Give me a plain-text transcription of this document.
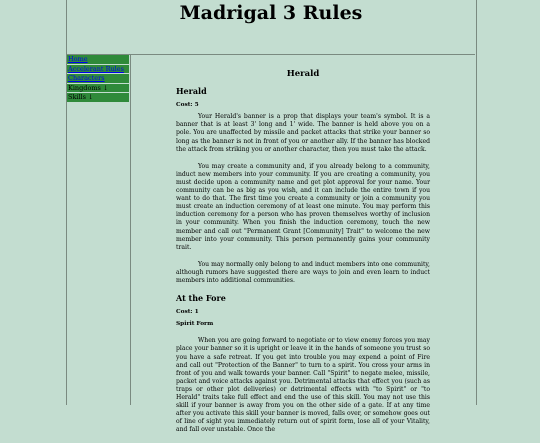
Madrigal 3 Rules
Home
Accelerant Rules
Characters
Kingdoms ↓
Skills ↓
Herald
Herald
Cost: 5

Your Herald's banner is a prop that displays your team's symbol. It is a banner that is at least 3' long and 1' wide. The banner is held above you on a pole. You are unaffected by missile and packet attacks that strike your banner so long as the banner is not in front of you or another ally. If the banner has blocked the attack from striking you or another character, then you must take the attack.

You may create a community and, if you already belong to a community, induct new members into your community. If you are creating a community, you must decide upon a community name and get plot approval for your name. Your community can be as big as you wish, and it can include the entire town if you want to do that. The first time you create a community or join a community you must create an induction ceremony of at least one minute. You may perform this induction ceremony for a person who has proven themselves worthy of inclusion in your community. When you finish the induction ceremony, touch the new member and call out "Permanent Grant [Community] Trait" to welcome the new member into your community. This person permanently gains your community trait.

You may normally only belong to and induct members into one community, although rumors have suggested there are ways to join and even learn to induct members into additional communities.

At the Fore
Cost: 1
Spirit Form

When you are going forward to negotiate or to view enemy forces you may place your banner so it is upright or leave it in the hands of someone you trust so you have a safe retreat. If you get into trouble you may expend a point of Fire and call out "Protection of the Banner" to turn to a spirit. You cross your arms in front of you and walk towards your banner. Call "Spirit" to negate melee, missile, packet and voice attacks against you. Detrimental attacks that effect you (such as traps or other plot deliveries) or detrimental effects with "to Spirit" or "to Herald" traits take full effect and end the use of this skill. You may not use this skill if your banner is away from you on the other side of a gate. If at any time after you activate this skill your banner is moved, falls over, or somehow goes out of line of sight you immediately return out of spirit form, lose all of your Vitality, and fall over unstable. Once the
